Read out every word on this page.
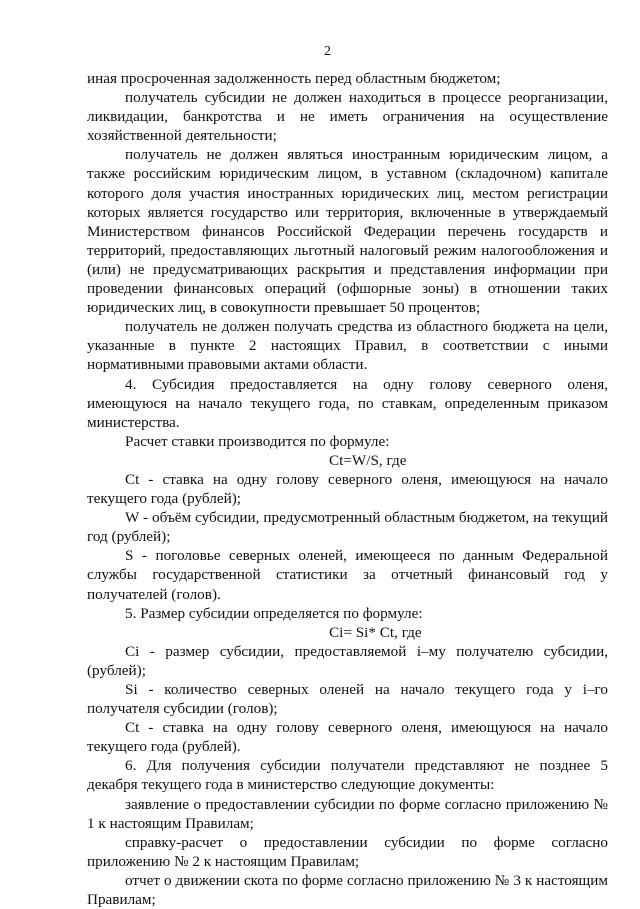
2

иная просроченная задолженность перед областным бюджетом;

получатель субсидии не должен находиться в процессе реорганизации, ликвидации, банкротства и не иметь ограничения на осуществление хозяйственной деятельности;

получатель не должен являться иностранным юридическим лицом, а также российским юридическим лицом, в уставном (складочном) капитале которого доля участия иностранных юридических лиц, местом регистрации которых является государство или территория, включенные в утверждаемый Министерством финансов Российской Федерации перечень государств и территорий, предоставляющих льготный налоговый режим налогообложения и (или) не предусматривающих раскрытия и представления информации при проведении финансовых операций (офшорные зоны) в отношении таких юридических лиц, в совокупности превышает 50 процентов;

получатель не должен получать средства из областного бюджета на цели, указанные в пункте 2 настоящих Правил, в соответствии с иными нормативными правовыми актами области.

4. Субсидия предоставляется на одну голову северного оленя, имеющуюся на начало текущего года, по ставкам, определенным приказом министерства.

Расчет ставки производится по формуле:

Ct=W/S, где

Ct - ставка на одну голову северного оленя, имеющуюся на начало текущего года (рублей);

W - объём субсидии, предусмотренный областным бюджетом, на текущий год (рублей);

S - поголовье северных оленей, имеющееся по данным Федеральной службы государственной статистики за отчетный финансовый год у получателей (голов).

5. Размер субсидии определяется по формуле:

Ci= Si* Ct, где

Ci - размер субсидии, предоставляемой i–му получателю субсидии, (рублей);

Si - количество северных оленей на начало текущего года у i–го получателя субсидии (голов);

Ct - ставка на одну голову северного оленя, имеющуюся на начало текущего года (рублей).

6. Для получения субсидии получатели представляют не позднее 5 декабря текущего года в министерство следующие документы:

заявление о предоставлении субсидии по форме согласно приложению № 1 к настоящим Правилам;

справку-расчет о предоставлении субсидии по форме согласно приложению № 2 к настоящим Правилам;

отчет о движении скота по форме согласно приложению № 3 к настоящим Правилам;
